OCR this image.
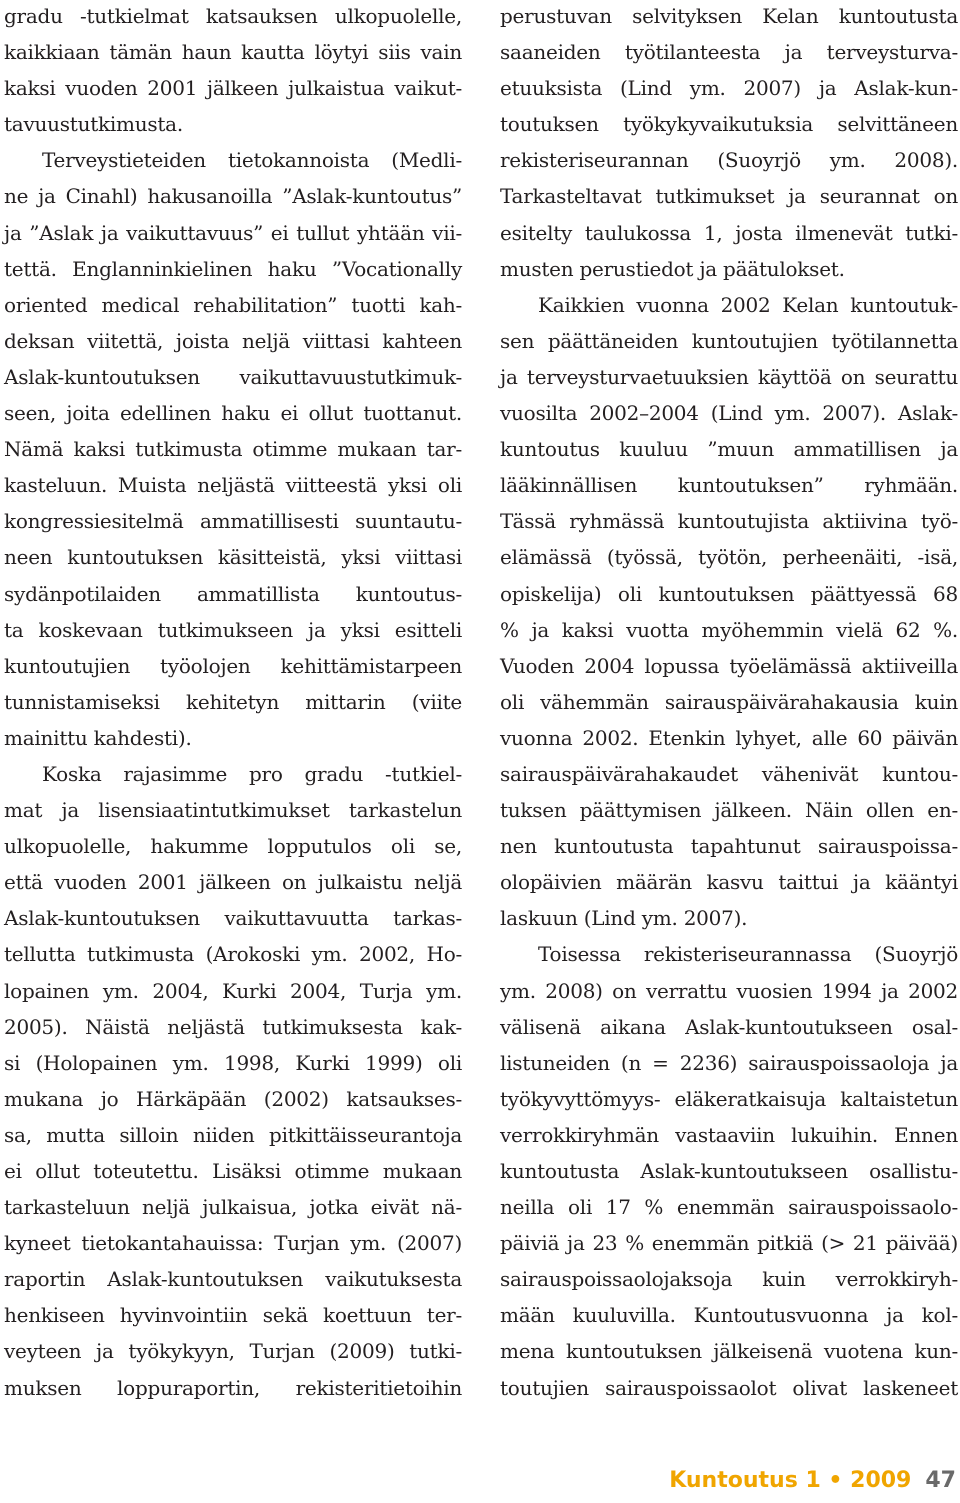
gradu -tutkielmat katsauksen ulkopuolelle,
kaikkiaan tämän haun kautta löytyi siis vain
kaksi vuoden 2001 jälkeen julkaistua vaikut-
tavuustutkimusta.
Terveystieteiden tietokannoista (Medli-
ne ja Cinahl) hakusanoilla ”Aslak-kuntoutus”
ja ”Aslak ja vaikuttavuus” ei tullut yhtään vii-
tettä. Englanninkielinen haku ”Vocationally
oriented medical rehabilitation” tuotti kah-
deksan viitettä, joista neljä viittasi kahteen
Aslak-kuntoutuksen vaikuttavuustutkimuk-
seen, joita edellinen haku ei ollut tuottanut.
Nämä kaksi tutkimusta otimme mukaan tar-
kasteluun. Muista neljästä viitteestä yksi oli
kongressiesitelmä ammatillisesti suuntautu-
neen kuntoutuksen käsitteistä, yksi viittasi
sydänpotilaiden ammatillista kuntoutus-
ta koskevaan tutkimukseen ja yksi esitteli
kuntoutujien työolojen kehittämistarpeen
tunnistamiseksi kehitetyn mittarin (viite
mainittu kahdesti).
Koska rajasimme pro gradu -tutkiel-
mat ja lisensiaatintutkimukset tarkastelun
ulkopuolelle, hakumme lopputulos oli se,
että vuoden 2001 jälkeen on julkaistu neljä
Aslak-kuntoutuksen vaikuttavuutta tarkas-
tellutta tutkimusta (Arokoski ym. 2002, Ho-
lopainen ym. 2004, Kurki 2004, Turja ym.
2005). Näistä neljästä tutkimuksesta kak-
si (Holopainen ym. 1998, Kurki 1999) oli
mukana jo Härkäpään (2002) katsaukses-
sa, mutta silloin niiden pitkittäisseurantoja
ei ollut toteutettu. Lisäksi otimme mukaan
tarkasteluun neljä julkaisua, jotka eivät nä-
kyneet tietokantahauissa: Turjan ym. (2007)
raportin Aslak-kuntoutuksen vaikutuksesta
henkiseen hyvinvointiin sekä koettuun ter-
veyteen ja työkykyyn, Turjan (2009) tutki-
muksen loppuraportin, rekisteritietoihin
perustuvan selvityksen Kelan kuntoutusta
saaneiden työtilanteesta ja terveysturva-
etuuksista (Lind ym. 2007) ja Aslak-kun-
toutuksen työkykyvaikutuksia selvittäneen
rekisteriseurannan (Suoyrjö ym. 2008).
Tarkasteltavat tutkimukset ja seurannat on
esitelty taulukossa 1, josta ilmenevät tutki-
musten perustiedot ja päätulokset.
Kaikkien vuonna 2002 Kelan kuntoutuk-
sen päättäneiden kuntoutujien työtilannetta
ja terveysturvaetuuksien käyttöä on seurattu
vuosilta 2002–2004 (Lind ym. 2007). Aslak-
kuntoutus kuuluu ”muun ammatillisen ja
lääkinnällisen kuntoutuksen” ryhmään.
Tässä ryhmässä kuntoutujista aktiivina työ-
elämässä (työssä, työtön, perheenäiti, -isä,
opiskelija) oli kuntoutuksen päättyessä 68
% ja kaksi vuotta myöhemmin vielä 62 %.
Vuoden 2004 lopussa työelämässä aktiiveilla
oli vähemmän sairauspäivärahakausia kuin
vuonna 2002. Etenkin lyhyet, alle 60 päivän
sairauspäivärahakaudet vähenivät kuntou-
tuksen päättymisen jälkeen. Näin ollen en-
nen kuntoutusta tapahtunut sairauspoissa-
olopäivien määrän kasvu taittui ja kääntyi
laskuun (Lind ym. 2007).
Toisessa rekisteriseurannassa (Suoyrjö
ym. 2008) on verrattu vuosien 1994 ja 2002
välisenä aikana Aslak-kuntoutukseen osal-
listuneiden (n = 2236) sairauspoissaoloja ja
työkyvyttömyys- eläkeratkaisuja kaltaistetun
verrokkiryhmän vastaaviin lukuihin. Ennen
kuntoutusta Aslak-kuntoutukseen osallistu-
neilla oli 17 % enemmän sairauspoissaolo-
päiviä ja 23 % enemmän pitkiä (> 21 päivää)
sairauspoissaolojaksoja kuin verrokkiryh-
mään kuuluvilla. Kuntoutusvuonna ja kol-
mena kuntoutuksen jälkeisenä vuotena kun-
toutujien sairauspoissaolot olivat laskeneet
Kuntoutus 1 • 2009 47
